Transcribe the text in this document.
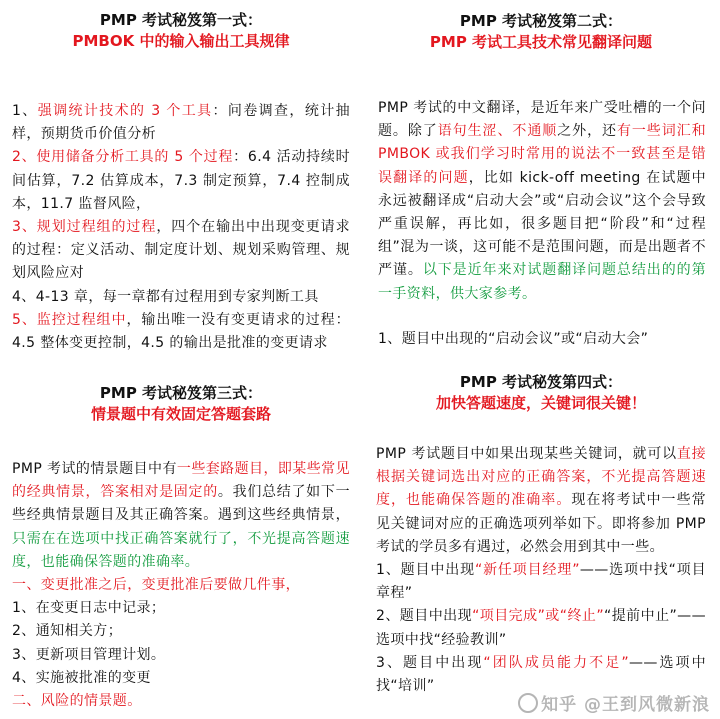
PMP 考试秘笈第一式：
PMBOK 中的输入输出工具规律

1、强调统计技术的 3 个工具：问卷调查，统计抽样，预期货币价值分析

2、使用储备分析工具的 5 个过程：6.4 活动持续时间估算，7.2 估算成本，7.3 制定预算，7.4 控制成本，11.7 监督风险，

3、规划过程组的过程，四个在输出中出现变更请求的过程：定义活动、制定度计划、规划采购管理、规划风险应对

4、4-13 章，每一章都有过程用到专家判断工具

5、监控过程组中，输出唯一没有变更请求的过程：4.5 整体变更控制，4.5 的输出是批准的变更请求

PMP 考试秘笈第二式：
PMP 考试工具技术常见翻译问题

PMP 考试的中文翻译，是近年来广受吐槽的一个问题。除了语句生涩、不通顺之外，还有一些词汇和 PMBOK 或我们学习时常用的说法不一致甚至是错误翻译的问题，比如 kick-off meeting 在试题中永远被翻译成“启动大会”或“启动会议”这个会导致严重误解，再比如，很多题目把“阶段”和“过程组”混为一谈，这可能不是范围问题，而是出题者不严谨。以下是近年来对试题翻译问题总结出的的第一手资料，供大家参考。

1、题目中出现的“启动会议”或“启动大会”

PMP 考试秘笈第三式：
情景题中有效固定答题套路

PMP 考试的情景题目中有一些套路题目，即某些常见的经典情景，答案相对是固定的。我们总结了如下一些经典情景题目及其正确答案。遇到这些经典情景，只需在在选项中找正确答案就行了，不光提高答题速度，也能确保答题的准确率。

一、变更批准之后，变更批准后要做几件事，

1、在变更日志中记录；

2、通知相关方；

3、更新项目管理计划。

4、实施被批准的变更

二、风险的情景题。

PMP 考试秘笈第四式：
加快答题速度，关键词很关键！

PMP 考试题目中如果出现某些关键词，就可以直接根据关键词选出对应的正确答案，不光提高答题速度，也能确保答题的准确率。现在将考试中一些常见关键词对应的正确选项列举如下。即将参加 PMP 考试的学员多有遇过，必然会用到其中一些。

1、题目中出现“新任项目经理”——选项中找“项目章程”

2、题目中出现“项目完成”或“终止”“提前中止”——选项中找“经验教训”

3、题目中出现“团队成员能力不足”——选项中找“培训”

知乎 @王到风微新浪
